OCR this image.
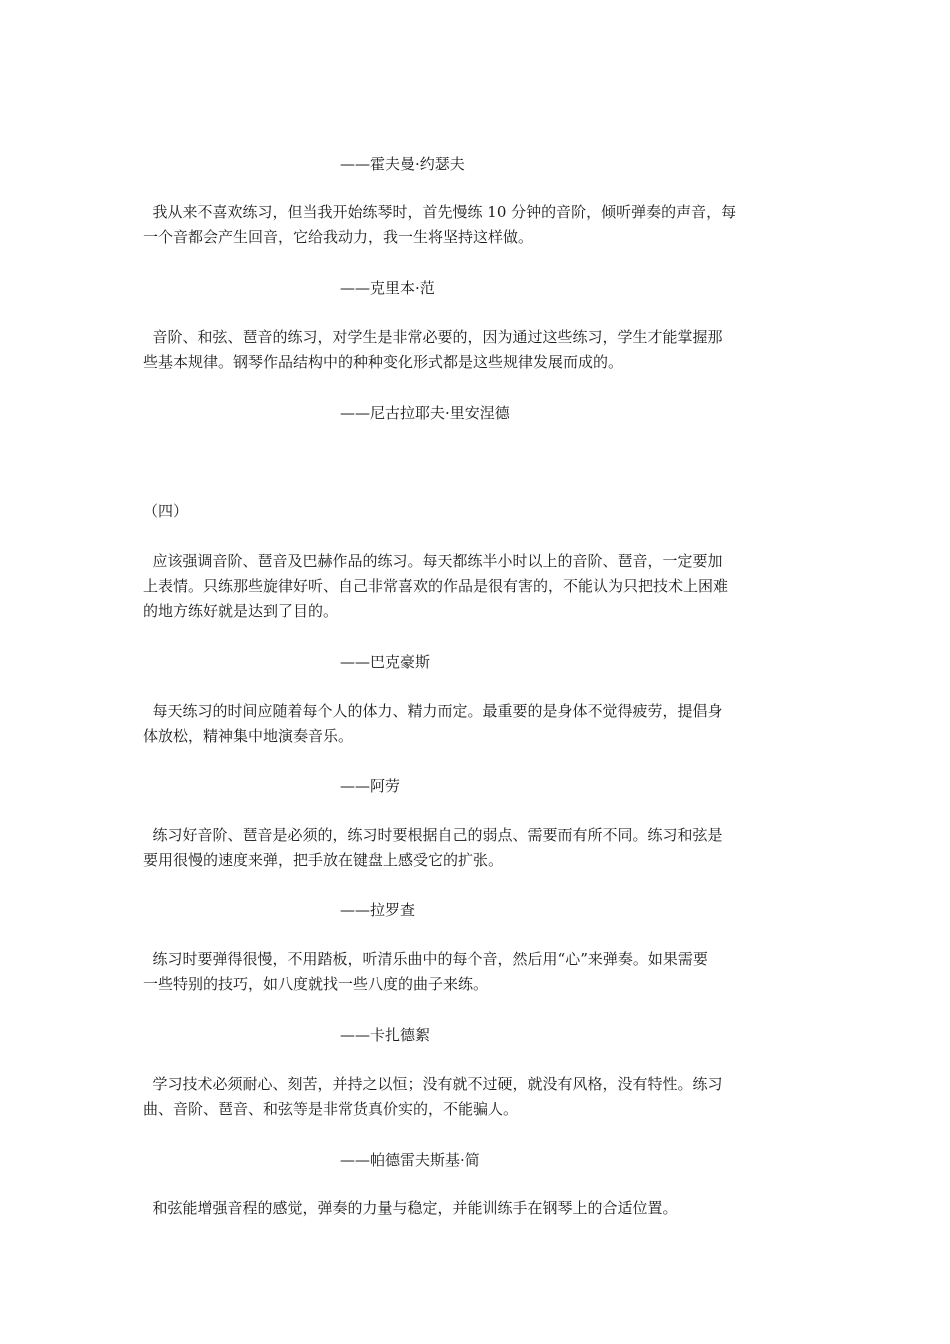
——霍夫曼·约瑟夫
我从来不喜欢练习，但当我开始练琴时，首先慢练 10 分钟的音阶，倾听弹奏的声音，每
一个音都会产生回音，它给我动力，我一生将坚持这样做。
——克里本·范
音阶、和弦、琶音的练习，对学生是非常必要的，因为通过这些练习，学生才能掌握那
些基本规律。钢琴作品结构中的种种变化形式都是这些规律发展而成的。
——尼古拉耶夫·里安涅德
（四）
应该强调音阶、琶音及巴赫作品的练习。每天都练半小时以上的音阶、琶音，一定要加
上表情。只练那些旋律好听、自己非常喜欢的作品是很有害的，不能认为只把技术上困难
的地方练好就是达到了目的。
——巴克豪斯
每天练习的时间应随着每个人的体力、精力而定。最重要的是身体不觉得疲劳，提倡身
体放松，精神集中地演奏音乐。
——阿劳
练习好音阶、琶音是必须的，练习时要根据自己的弱点、需要而有所不同。练习和弦是
要用很慢的速度来弹，把手放在键盘上感受它的扩张。
——拉罗查
练习时要弹得很慢，不用踏板，听清乐曲中的每个音，然后用“心”来弹奏。如果需要
一些特别的技巧，如八度就找一些八度的曲子来练。
——卡扎德絮
学习技术必须耐心、刻苦，并持之以恒；没有就不过硬，就没有风格，没有特性。练习
曲、音阶、琶音、和弦等是非常货真价实的，不能骗人。
——帕德雷夫斯基·简
和弦能增强音程的感觉，弹奏的力量与稳定，并能训练手在钢琴上的合适位置。
